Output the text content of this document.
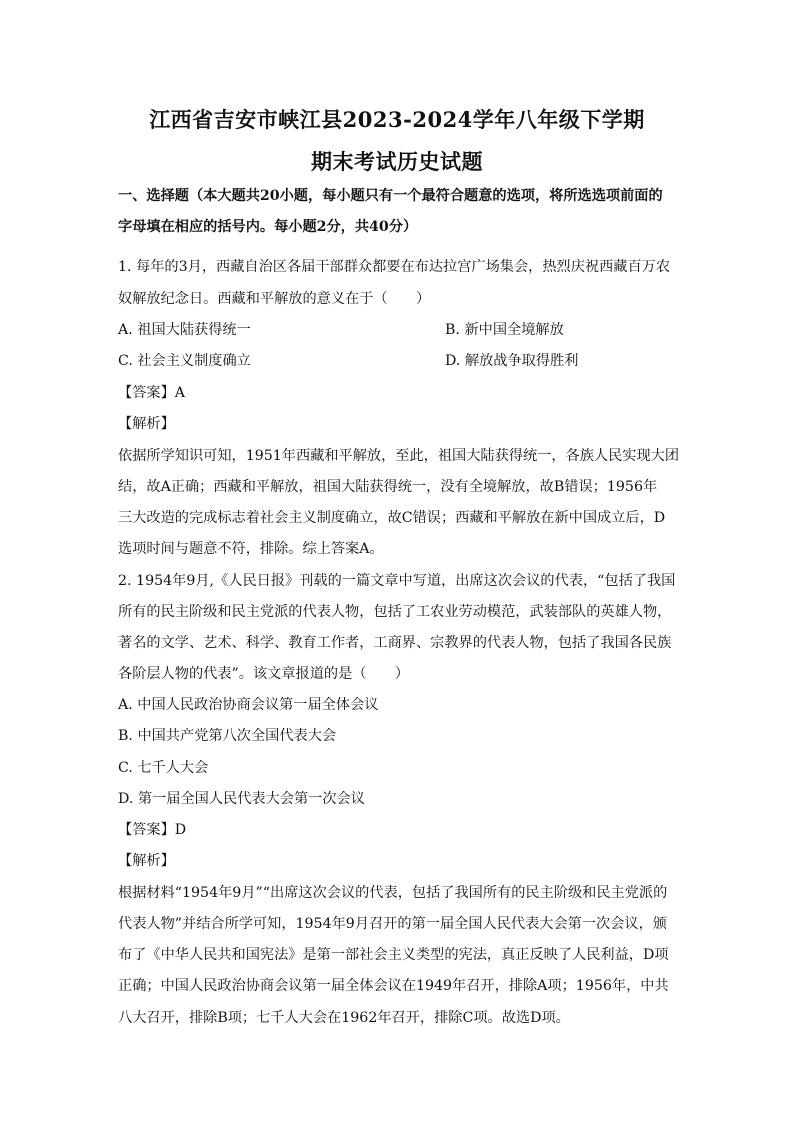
江西省吉安市峡江县2023-2024学年八年级下学期
期末考试历史试题
一、选择题（本大题共20小题，每小题只有一个最符合题意的选项，将所选选项前面的
字母填在相应的括号内。每小题2分，共40分）
1. 每年的3月，西藏自治区各届干部群众都要在布达拉宫广场集会，热烈庆祝西藏百万农
奴解放纪念日。西藏和平解放的意义在于（　　）
A. 祖国大陆获得统一	B. 新中国全境解放
C. 社会主义制度确立	D. 解放战争取得胜利
【答案】A
【解析】
依据所学知识可知，1951年西藏和平解放，至此，祖国大陆获得统一，各族人民实现大团
结，故A正确；西藏和平解放，祖国大陆获得统一，没有全境解放，故B错误；1956年
三大改造的完成标志着社会主义制度确立，故C错误；西藏和平解放在新中国成立后，D
选项时间与题意不符，排除。综上答案A。
2. 1954年9月,《人民日报》刊载的一篇文章中写道，出席这次会议的代表，“包括了我国
所有的民主阶级和民主党派的代表人物，包括了工农业劳动模范，武装部队的英雄人物，
著名的文学、艺术、科学、教育工作者，工商界、宗教界的代表人物，包括了我国各民族
各阶层人物的代表”。该文章报道的是（　　）
A. 中国人民政治协商会议第一届全体会议
B. 中国共产党第八次全国代表大会
C. 七千人大会
D. 第一届全国人民代表大会第一次会议
【答案】D
【解析】
根据材料“1954年9月”“出席这次会议的代表，包括了我国所有的民主阶级和民主党派的
代表人物”并结合所学可知，1954年9月召开的第一届全国人民代表大会第一次会议，颁
布了《中华人民共和国宪法》是第一部社会主义类型的宪法，真正反映了人民利益，D项
正确；中国人民政治协商会议第一届全体会议在1949年召开，排除A项；1956年，中共
八大召开，排除B项；七千人大会在1962年召开，排除C项。故选D项。
